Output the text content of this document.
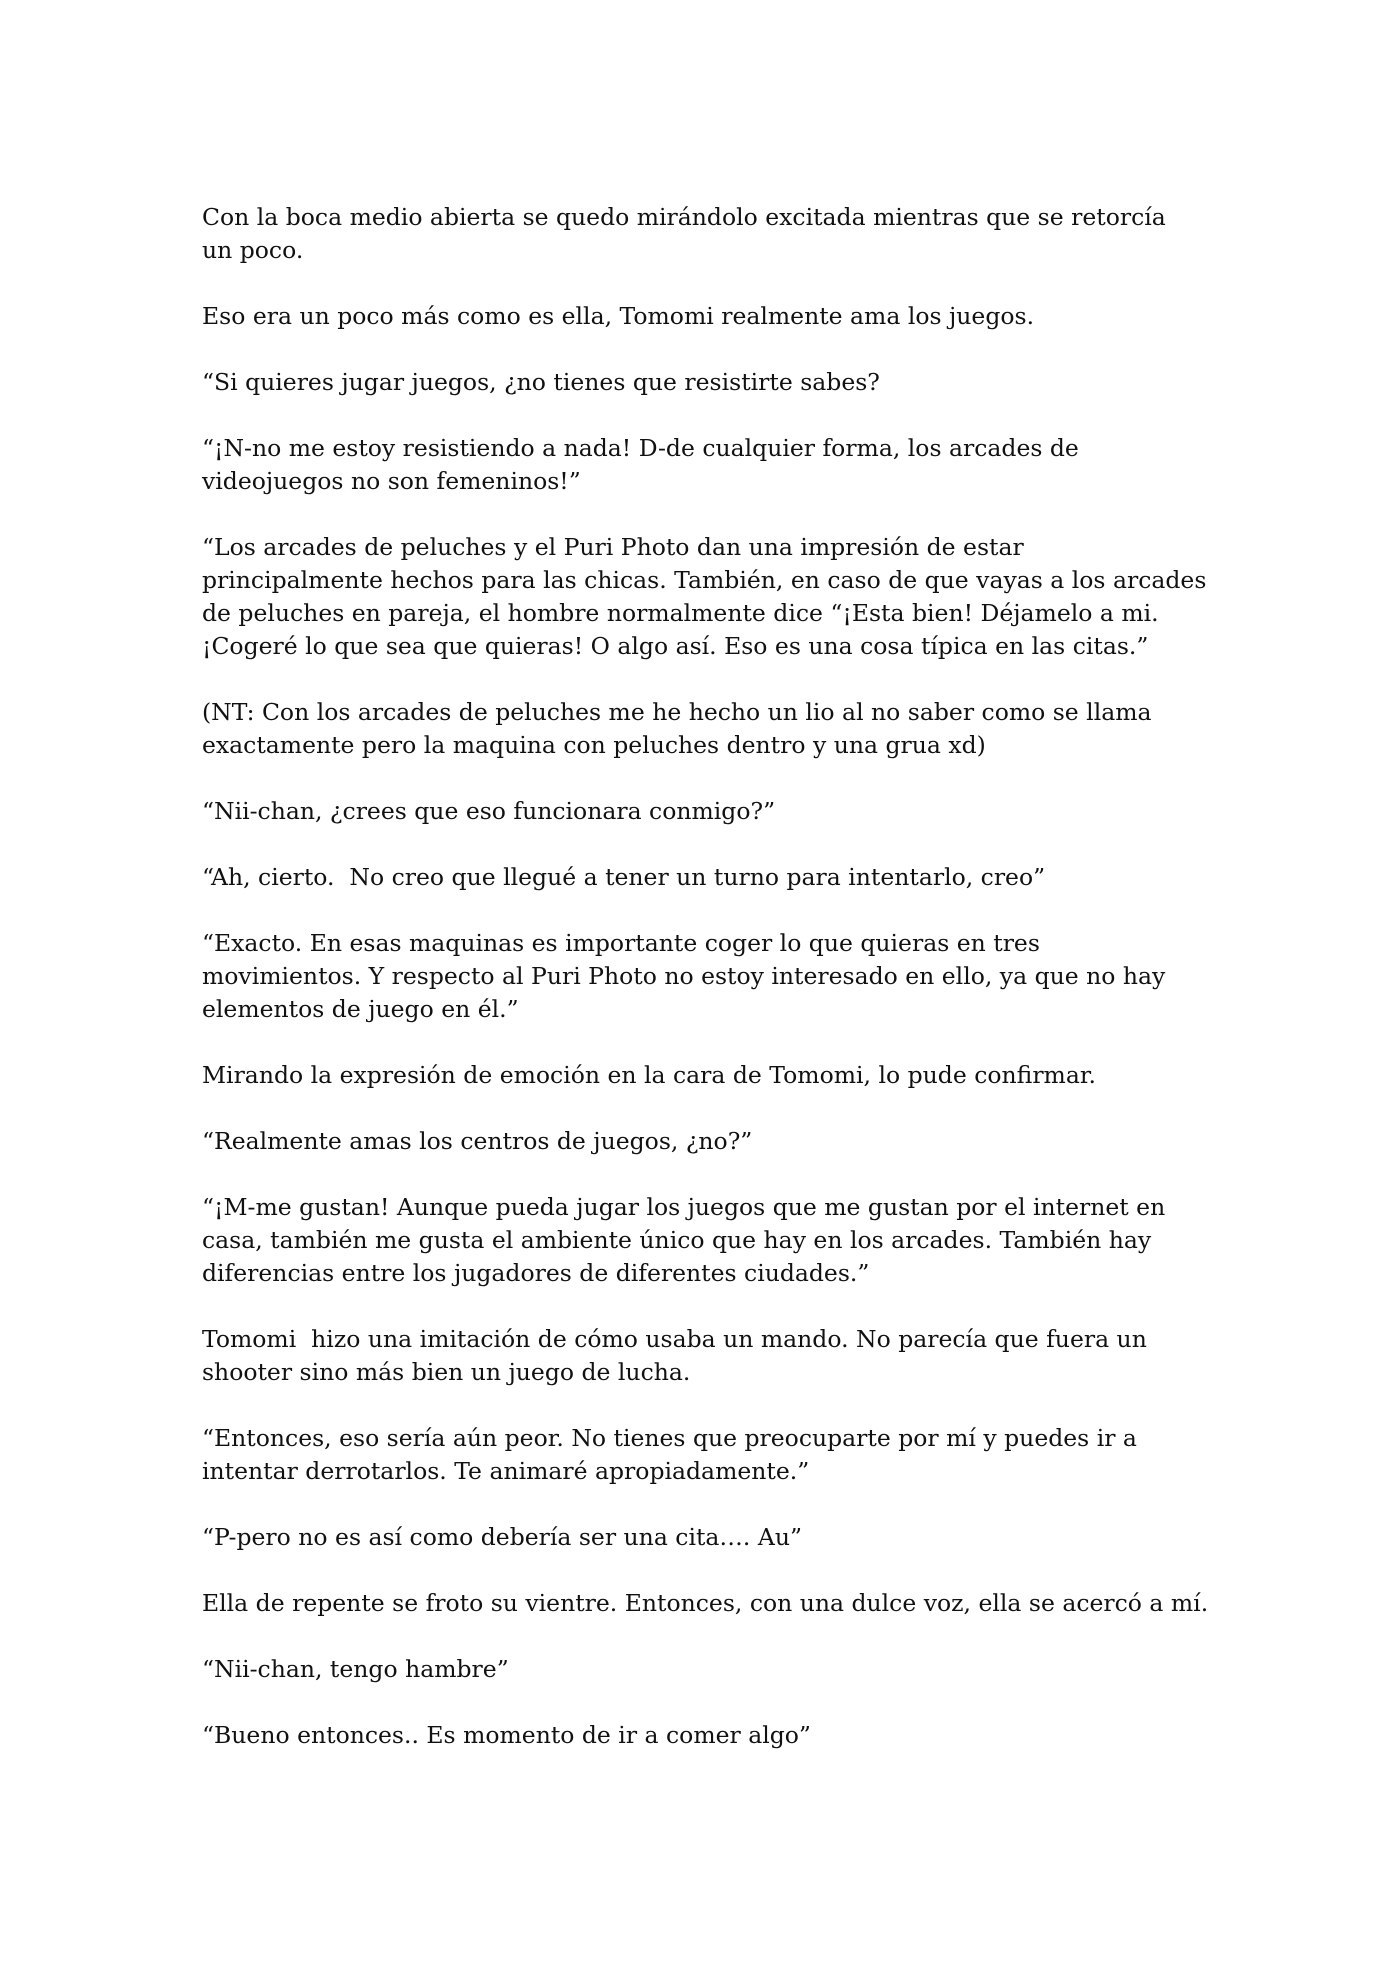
Con la boca medio abierta se quedo mirándolo excitada mientras que se retorcía
un poco.

Eso era un poco más como es ella, Tomomi realmente ama los juegos.

“Si quieres jugar juegos, ¿no tienes que resistirte sabes?

“¡N-no me estoy resistiendo a nada! D-de cualquier forma, los arcades de
videojuegos no son femeninos!”

“Los arcades de peluches y el Puri Photo dan una impresión de estar
principalmente hechos para las chicas. También, en caso de que vayas a los arcades
de peluches en pareja, el hombre normalmente dice “¡Esta bien! Déjamelo a mi.
¡Cogeré lo que sea que quieras! O algo así. Eso es una cosa típica en las citas.”

(NT: Con los arcades de peluches me he hecho un lio al no saber como se llama
exactamente pero la maquina con peluches dentro y una grua xd)

“Nii-chan, ¿crees que eso funcionara conmigo?”

“Ah, cierto.  No creo que llegué a tener un turno para intentarlo, creo”

“Exacto. En esas maquinas es importante coger lo que quieras en tres
movimientos. Y respecto al Puri Photo no estoy interesado en ello, ya que no hay
elementos de juego en él.”

Mirando la expresión de emoción en la cara de Tomomi, lo pude confirmar.

“Realmente amas los centros de juegos, ¿no?”

“¡M-me gustan! Aunque pueda jugar los juegos que me gustan por el internet en
casa, también me gusta el ambiente único que hay en los arcades. También hay
diferencias entre los jugadores de diferentes ciudades.”

Tomomi  hizo una imitación de cómo usaba un mando. No parecía que fuera un
shooter sino más bien un juego de lucha.

“Entonces, eso sería aún peor. No tienes que preocuparte por mí y puedes ir a
intentar derrotarlos. Te animaré apropiadamente.”

“P-pero no es así como debería ser una cita…. Au”

Ella de repente se froto su vientre. Entonces, con una dulce voz, ella se acercó a mí.

“Nii-chan, tengo hambre”

“Bueno entonces.. Es momento de ir a comer algo”
